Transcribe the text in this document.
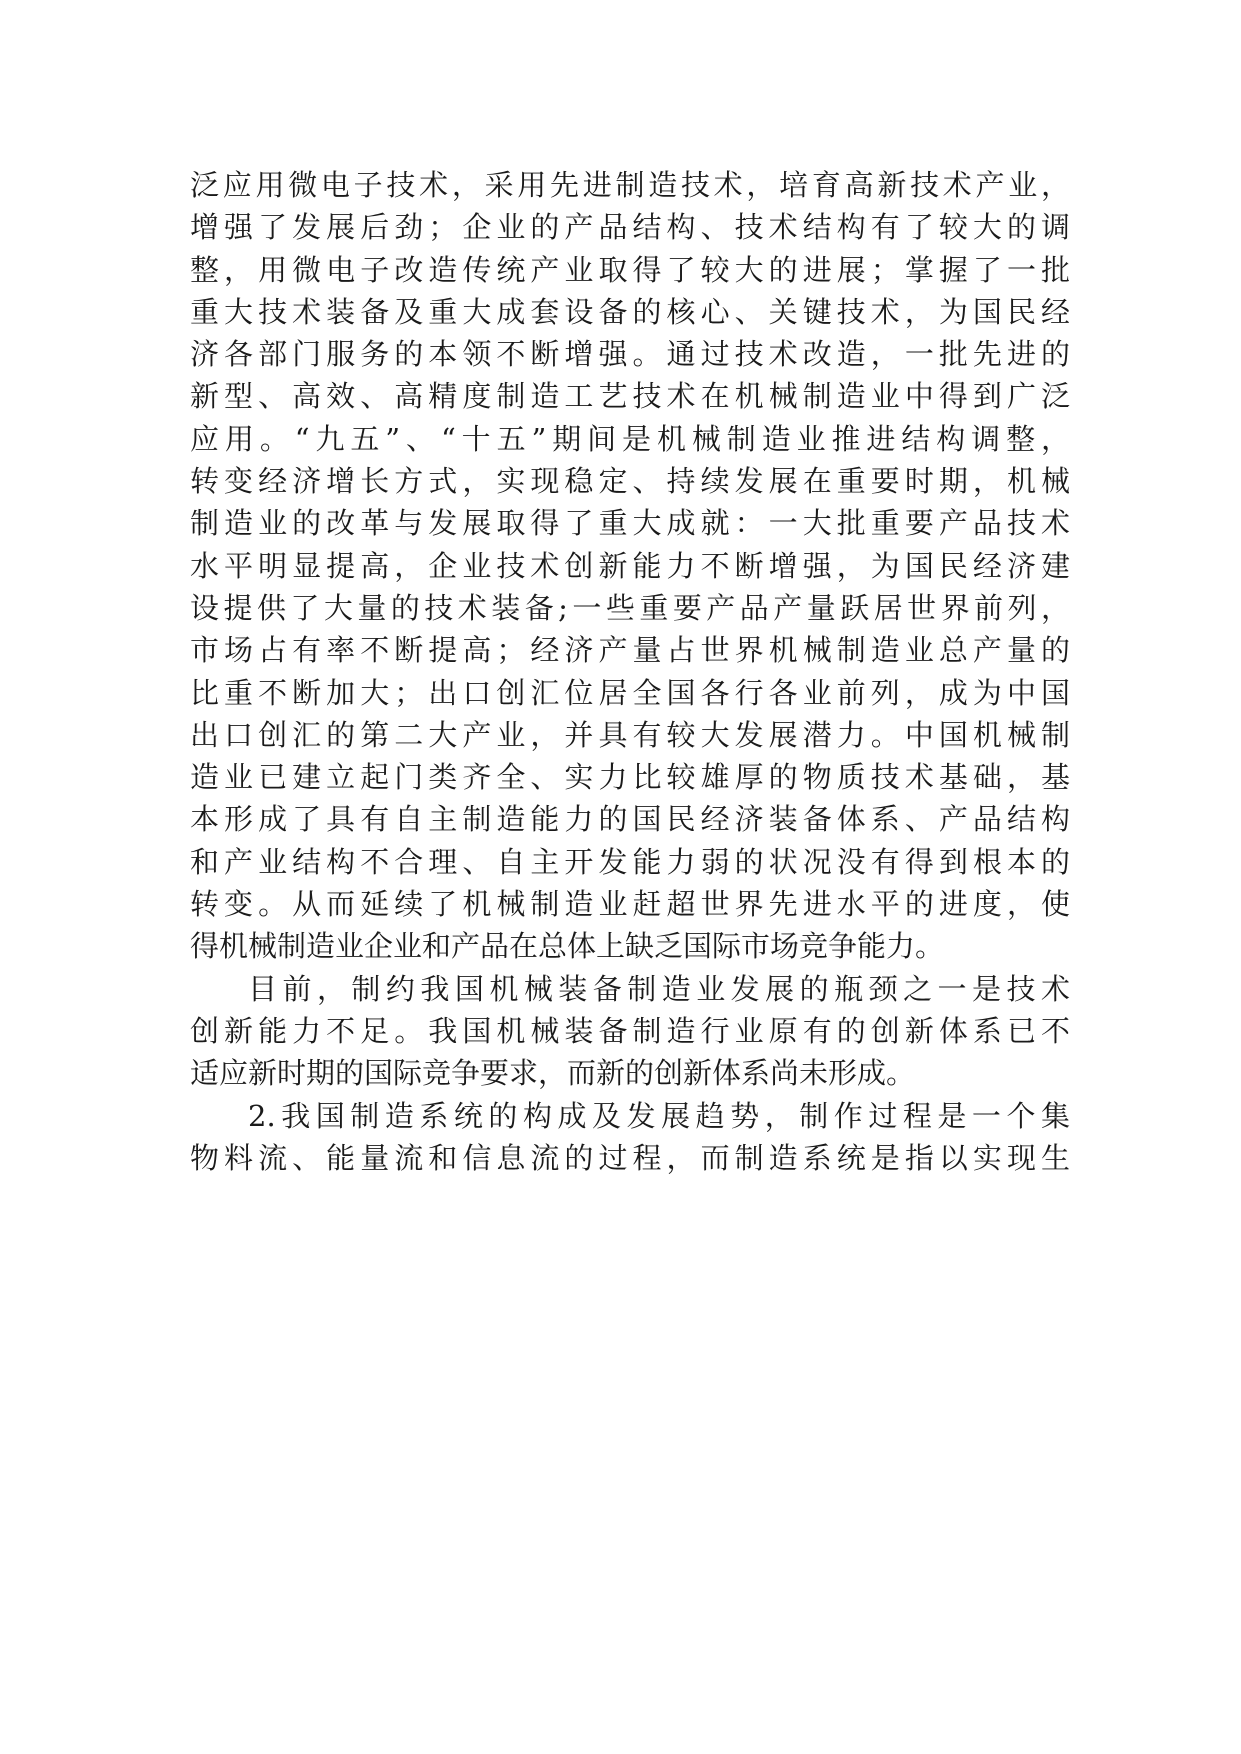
泛应用微电子技术，采用先进制造技术，培育高新技术产业，
增强了发展后劲；企业的产品结构、技术结构有了较大的调
整，用微电子改造传统产业取得了较大的进展；掌握了一批
重大技术装备及重大成套设备的核心、关键技术，为国民经
济各部门服务的本领不断增强。通过技术改造，一批先进的
新型、高效、高精度制造工艺技术在机械制造业中得到广泛
应用。“九五”、“十五”期间是机械制造业推进结构调整，
转变经济增长方式，实现稳定、持续发展在重要时期，机械
制造业的改革与发展取得了重大成就：一大批重要产品技术
水平明显提高，企业技术创新能力不断增强，为国民经济建
设提供了大量的技术装备;一些重要产品产量跃居世界前列，
市场占有率不断提高；经济产量占世界机械制造业总产量的
比重不断加大；出口创汇位居全国各行各业前列，成为中国
出口创汇的第二大产业，并具有较大发展潜力。中国机械制
造业已建立起门类齐全、实力比较雄厚的物质技术基础，基
本形成了具有自主制造能力的国民经济装备体系、产品结构
和产业结构不合理、自主开发能力弱的状况没有得到根本的
转变。从而延续了机械制造业赶超世界先进水平的进度，使
得机械制造业企业和产品在总体上缺乏国际市场竞争能力。
目前，制约我国机械装备制造业发展的瓶颈之一是技术
创新能力不足。我国机械装备制造行业原有的创新体系已不
适应新时期的国际竞争要求，而新的创新体系尚未形成。
2.我国制造系统的构成及发展趋势，制作过程是一个集
物料流、能量流和信息流的过程，而制造系统是指以实现生
